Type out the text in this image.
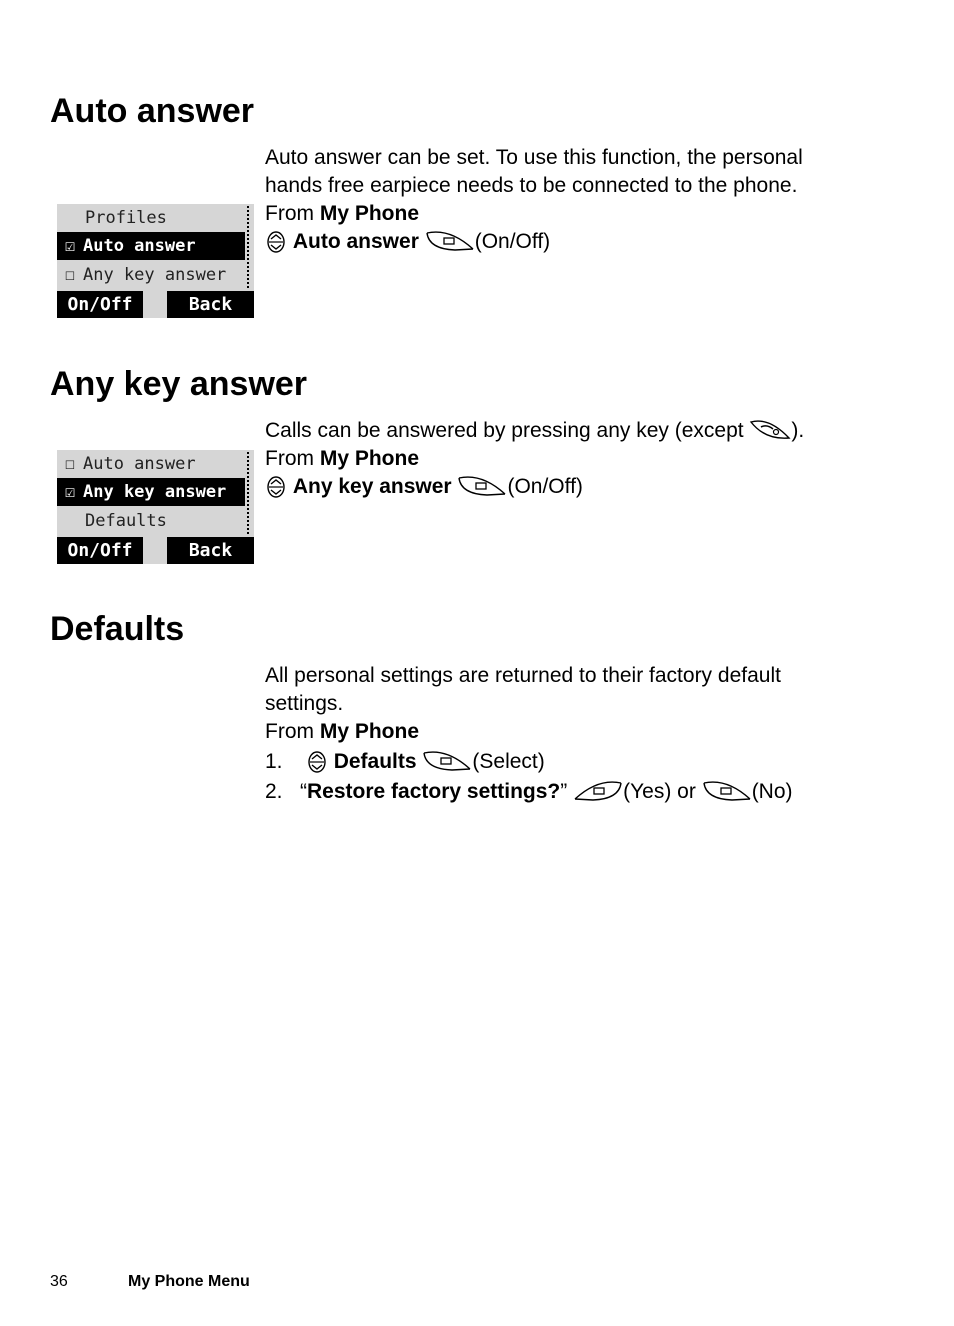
Auto answer
Profiles
☑ Auto answer
☐ Any key answer
On/Off	Back
Auto answer can be set. To use this function, the personal
hands free earpiece needs to be connected to the phone.
From My Phone
Auto answer	(On/Off)
Any key answer
☐ Auto answer
☑ Any key answer
Defaults
On/Off	Back
Calls can be answered by pressing any key (except ).
From My Phone
Any key answer	(On/Off)
Defaults
All personal settings are returned to their factory default
settings.
From My Phone
1. Defaults	(Select)
2. “Restore factory settings?”	(Yes) or	(No)
36	My Phone Menu
